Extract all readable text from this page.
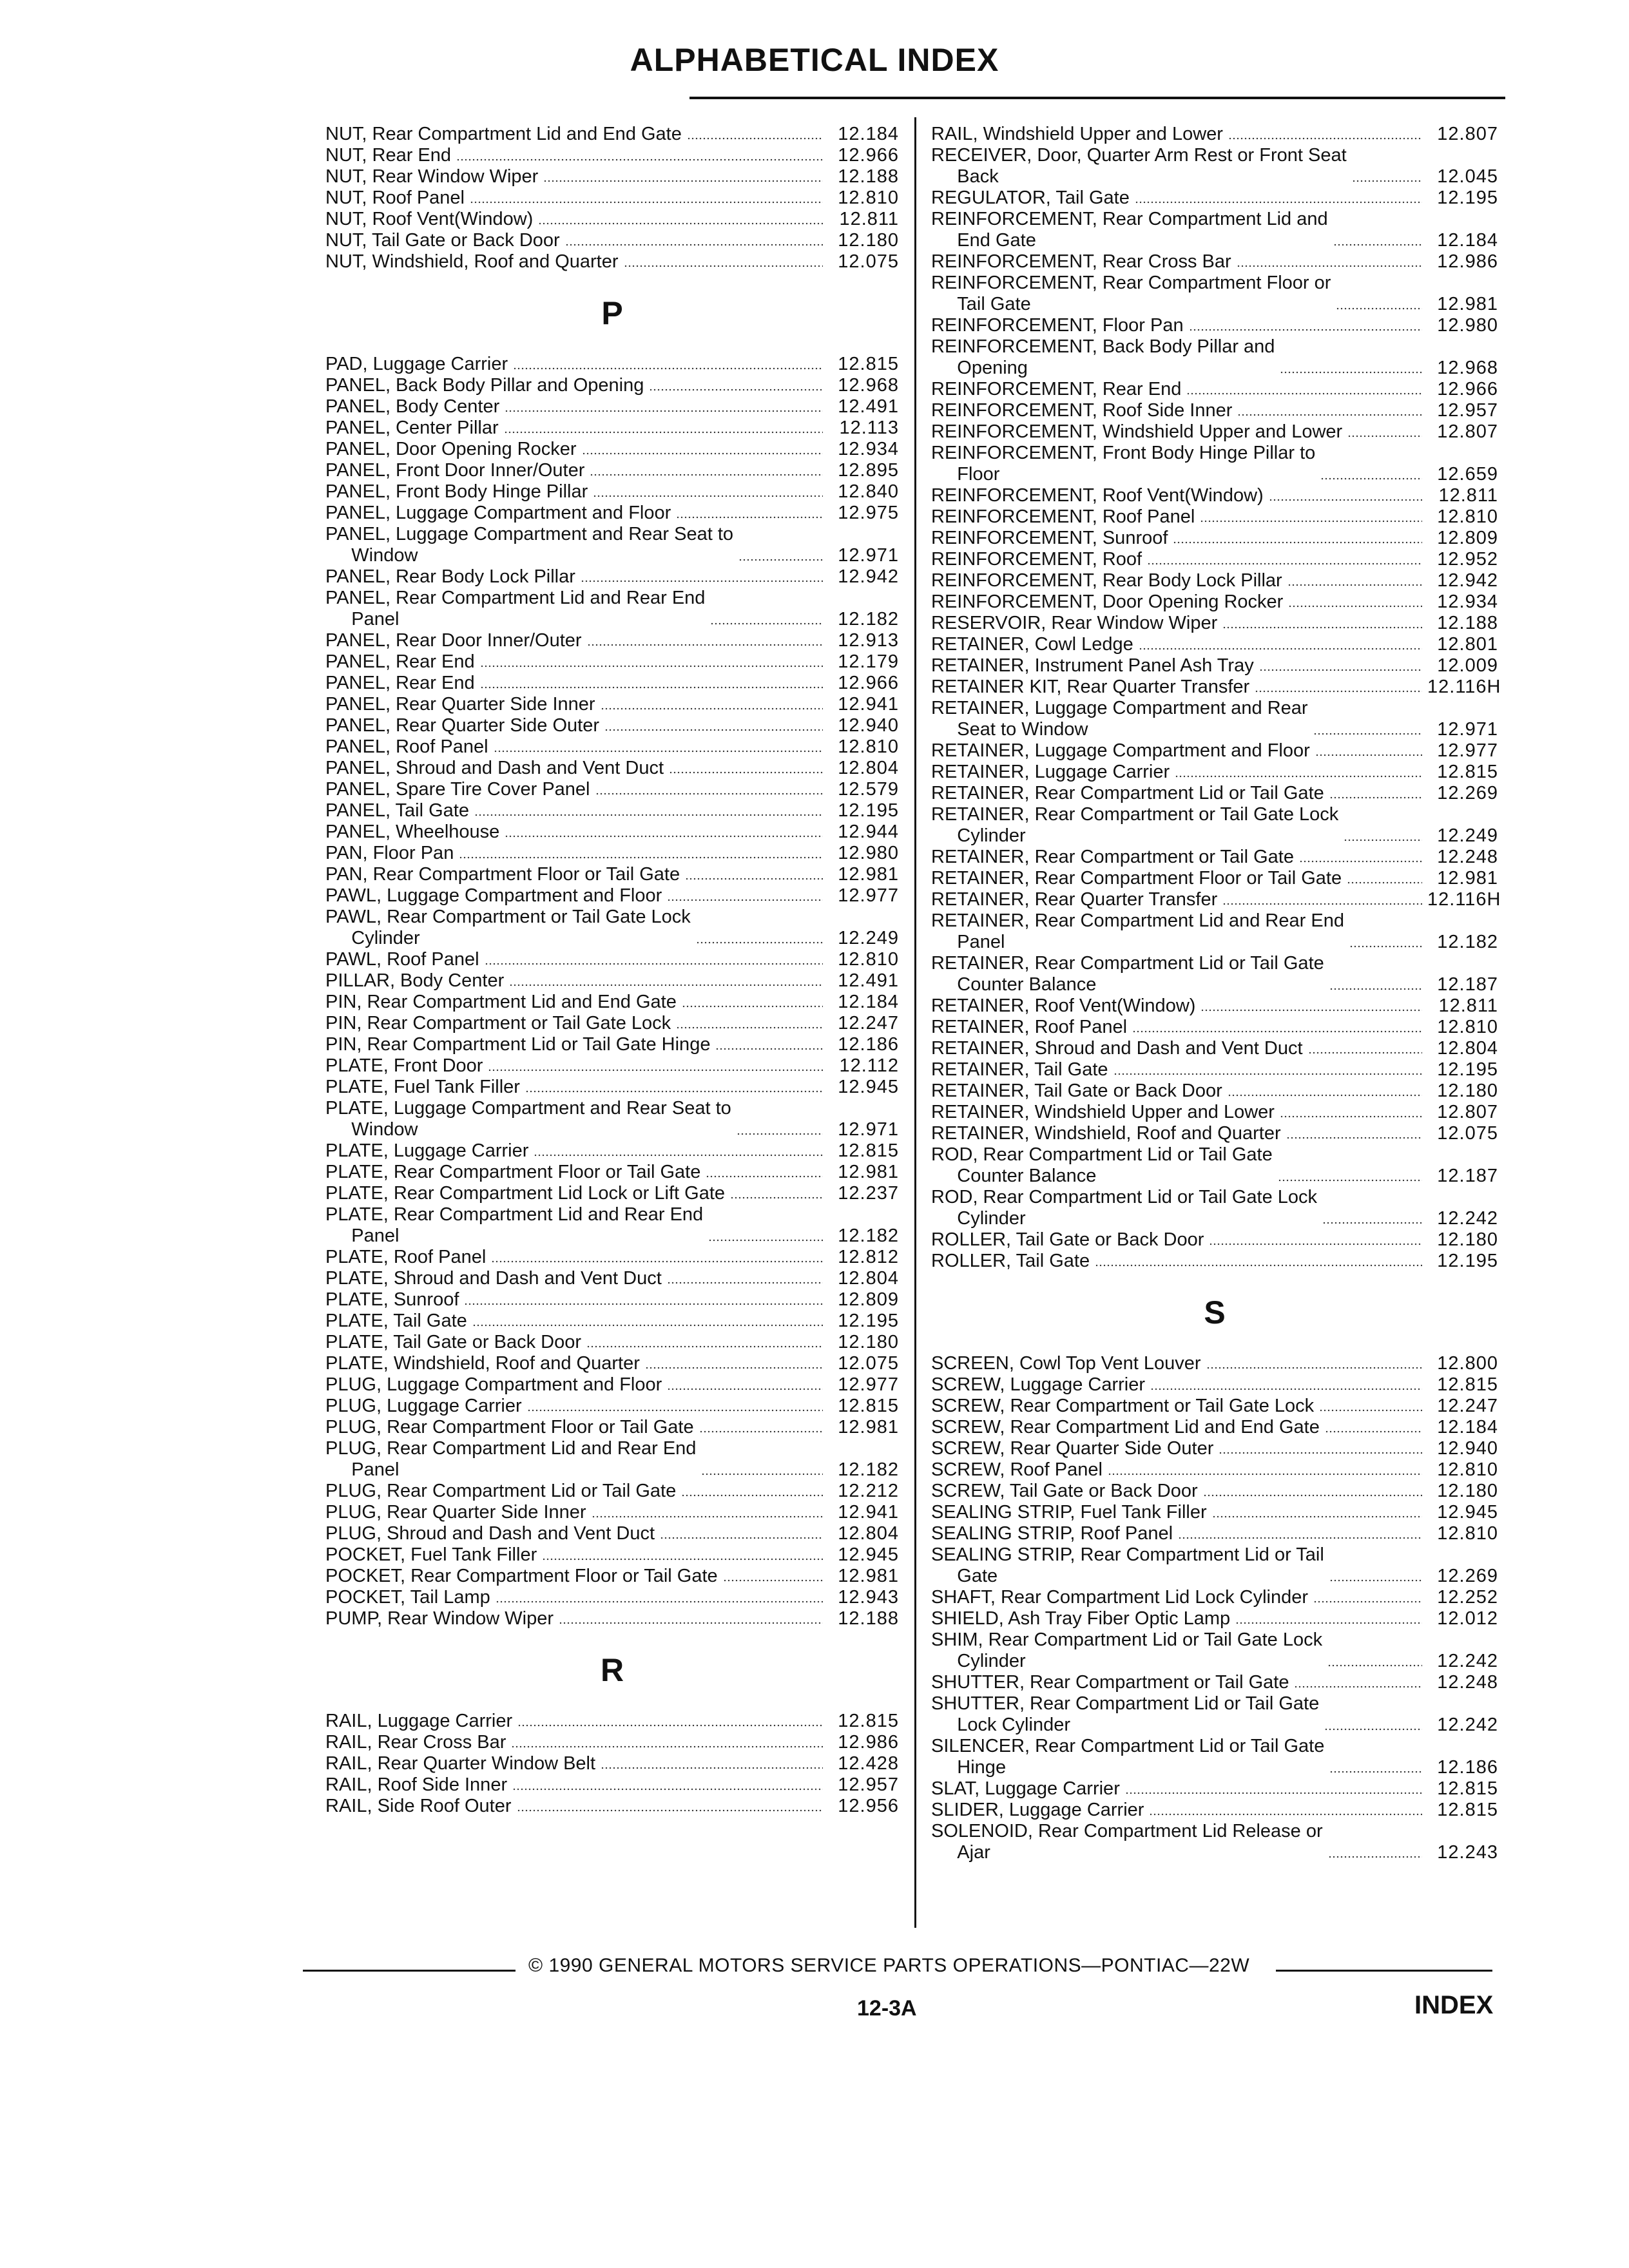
ALPHABETICAL INDEX
NUT, Rear Compartment Lid and End Gate	12.184
NUT, Rear End	12.966
NUT, Rear Window Wiper	12.188
NUT, Roof Panel	12.810
NUT, Roof Vent(Window)	12.811
NUT, Tail Gate or Back Door	12.180
NUT, Windshield, Roof and Quarter	12.075
P
PAD, Luggage Carrier	12.815
PANEL, Back Body Pillar and Opening	12.968
PANEL, Body Center	12.491
PANEL, Center Pillar	12.113
PANEL, Door Opening Rocker	12.934
PANEL, Front Door Inner/Outer	12.895
PANEL, Front Body Hinge Pillar	12.840
PANEL, Luggage Compartment and Floor	12.975
PANEL, Luggage Compartment and Rear Seat to
Window	12.971
PANEL, Rear Body Lock Pillar	12.942
PANEL, Rear Compartment Lid and Rear End
Panel	12.182
PANEL, Rear Door Inner/Outer	12.913
PANEL, Rear End	12.179
PANEL, Rear End	12.966
PANEL, Rear Quarter Side Inner	12.941
PANEL, Rear Quarter Side Outer	12.940
PANEL, Roof Panel	12.810
PANEL, Shroud and Dash and Vent Duct	12.804
PANEL, Spare Tire Cover Panel	12.579
PANEL, Tail Gate	12.195
PANEL, Wheelhouse	12.944
PAN, Floor Pan	12.980
PAN, Rear Compartment Floor or Tail Gate	12.981
PAWL, Luggage Compartment and Floor	12.977
PAWL, Rear Compartment or Tail Gate Lock
Cylinder	12.249
PAWL, Roof Panel	12.810
PILLAR, Body Center	12.491
PIN, Rear Compartment Lid and End Gate	12.184
PIN, Rear Compartment or Tail Gate Lock	12.247
PIN, Rear Compartment Lid or Tail Gate Hinge	12.186
PLATE, Front Door	12.112
PLATE, Fuel Tank Filler	12.945
PLATE, Luggage Compartment and Rear Seat to
Window	12.971
PLATE, Luggage Carrier	12.815
PLATE, Rear Compartment Floor or Tail Gate	12.981
PLATE, Rear Compartment Lid Lock or Lift Gate	12.237
PLATE, Rear Compartment Lid and Rear End
Panel	12.182
PLATE, Roof Panel	12.812
PLATE, Shroud and Dash and Vent Duct	12.804
PLATE, Sunroof	12.809
PLATE, Tail Gate	12.195
PLATE, Tail Gate or Back Door	12.180
PLATE, Windshield, Roof and Quarter	12.075
PLUG, Luggage Compartment and Floor	12.977
PLUG, Luggage Carrier	12.815
PLUG, Rear Compartment Floor or Tail Gate	12.981
PLUG, Rear Compartment Lid and Rear End
Panel	12.182
PLUG, Rear Compartment Lid or Tail Gate	12.212
PLUG, Rear Quarter Side Inner	12.941
PLUG, Shroud and Dash and Vent Duct	12.804
POCKET, Fuel Tank Filler	12.945
POCKET, Rear Compartment Floor or Tail Gate	12.981
POCKET, Tail Lamp	12.943
PUMP, Rear Window Wiper	12.188
R
RAIL, Luggage Carrier	12.815
RAIL, Rear Cross Bar	12.986
RAIL, Rear Quarter Window Belt	12.428
RAIL, Roof Side Inner	12.957
RAIL, Side Roof Outer	12.956
RAIL, Windshield Upper and Lower	12.807
RECEIVER, Door, Quarter Arm Rest or Front Seat
Back	12.045
REGULATOR, Tail Gate	12.195
REINFORCEMENT, Rear Compartment Lid and
End Gate	12.184
REINFORCEMENT, Rear Cross Bar	12.986
REINFORCEMENT, Rear Compartment Floor or
Tail Gate	12.981
REINFORCEMENT, Floor Pan	12.980
REINFORCEMENT, Back Body Pillar and
Opening	12.968
REINFORCEMENT, Rear End	12.966
REINFORCEMENT, Roof Side Inner	12.957
REINFORCEMENT, Windshield Upper and Lower	12.807
REINFORCEMENT, Front Body Hinge Pillar to
Floor	12.659
REINFORCEMENT, Roof Vent(Window)	12.811
REINFORCEMENT, Roof Panel	12.810
REINFORCEMENT, Sunroof	12.809
REINFORCEMENT, Roof	12.952
REINFORCEMENT, Rear Body Lock Pillar	12.942
REINFORCEMENT, Door Opening Rocker	12.934
RESERVOIR, Rear Window Wiper	12.188
RETAINER, Cowl Ledge	12.801
RETAINER, Instrument Panel Ash Tray	12.009
RETAINER KIT, Rear Quarter Transfer	12.116H
RETAINER, Luggage Compartment and Rear
Seat to Window	12.971
RETAINER, Luggage Compartment and Floor	12.977
RETAINER, Luggage Carrier	12.815
RETAINER, Rear Compartment Lid or Tail Gate	12.269
RETAINER, Rear Compartment or Tail Gate Lock
Cylinder	12.249
RETAINER, Rear Compartment or Tail Gate	12.248
RETAINER, Rear Compartment Floor or Tail Gate	12.981
RETAINER, Rear Quarter Transfer	12.116H
RETAINER, Rear Compartment Lid and Rear End
Panel	12.182
RETAINER, Rear Compartment Lid or Tail Gate
Counter Balance	12.187
RETAINER, Roof Vent(Window)	12.811
RETAINER, Roof Panel	12.810
RETAINER, Shroud and Dash and Vent Duct	12.804
RETAINER, Tail Gate	12.195
RETAINER, Tail Gate or Back Door	12.180
RETAINER, Windshield Upper and Lower	12.807
RETAINER, Windshield, Roof and Quarter	12.075
ROD, Rear Compartment Lid or Tail Gate
Counter Balance	12.187
ROD, Rear Compartment Lid or Tail Gate Lock
Cylinder	12.242
ROLLER, Tail Gate or Back Door	12.180
ROLLER, Tail Gate	12.195
S
SCREEN, Cowl Top Vent Louver	12.800
SCREW, Luggage Carrier	12.815
SCREW, Rear Compartment or Tail Gate Lock	12.247
SCREW, Rear Compartment Lid and End Gate	12.184
SCREW, Rear Quarter Side Outer	12.940
SCREW, Roof Panel	12.810
SCREW, Tail Gate or Back Door	12.180
SEALING STRIP, Fuel Tank Filler	12.945
SEALING STRIP, Roof Panel	12.810
SEALING STRIP, Rear Compartment Lid or Tail
Gate	12.269
SHAFT, Rear Compartment Lid Lock Cylinder	12.252
SHIELD, Ash Tray Fiber Optic Lamp	12.012
SHIM, Rear Compartment Lid or Tail Gate Lock
Cylinder	12.242
SHUTTER, Rear Compartment or Tail Gate	12.248
SHUTTER, Rear Compartment Lid or Tail Gate
Lock Cylinder	12.242
SILENCER, Rear Compartment Lid or Tail Gate
Hinge	12.186
SLAT, Luggage Carrier	12.815
SLIDER, Luggage Carrier	12.815
SOLENOID, Rear Compartment Lid Release or
Ajar	12.243
© 1990 GENERAL MOTORS SERVICE PARTS OPERATIONS—PONTIAC—22W
12-3A	INDEX
